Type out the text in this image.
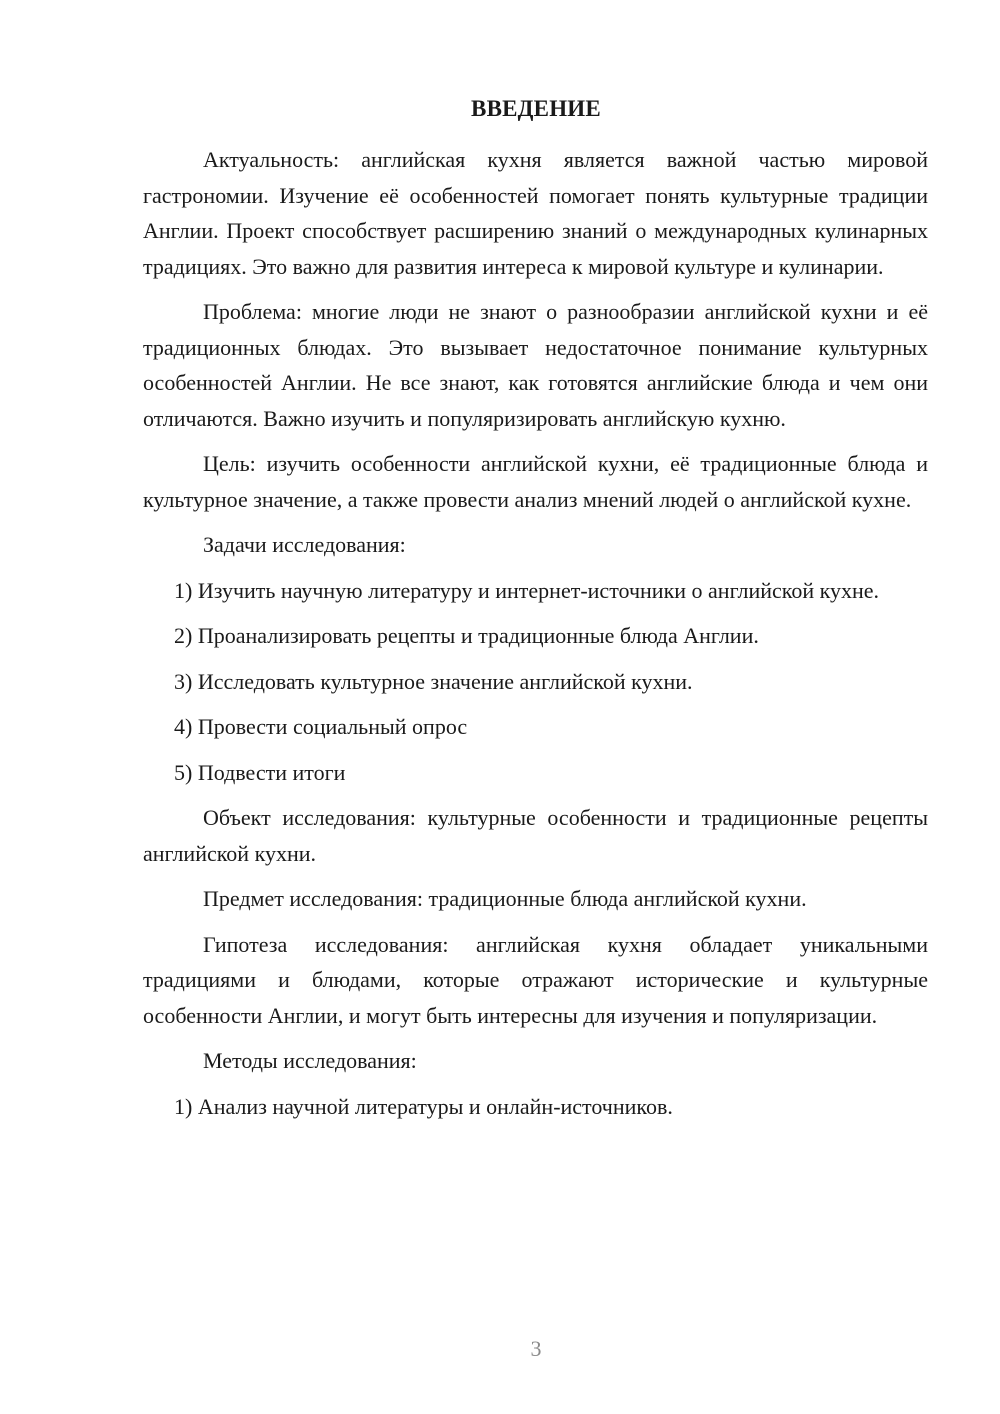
ВВЕДЕНИЕ

Актуальность: английская кухня является важной частью мировой гастрономии. Изучение её особенностей помогает понять культурные традиции Англии. Проект способствует расширению знаний о международных кулинарных традициях. Это важно для развития интереса к мировой культуре и кулинарии.

Проблема: многие люди не знают о разнообразии английской кухни и её традиционных блюдах. Это вызывает недостаточное понимание культурных особенностей Англии. Не все знают, как готовятся английские блюда и чем они отличаются. Важно изучить и популяризировать английскую кухню.

Цель: изучить особенности английской кухни, её традиционные блюда и культурное значение, а также провести анализ мнений людей о английской кухне.

Задачи исследования:

1) Изучить научную литературу и интернет-источники о английской кухне.

2) Проанализировать рецепты и традиционные блюда Англии.

3) Исследовать культурное значение английской кухни.

4) Провести социальный опрос

5) Подвести итоги

Объект исследования: культурные особенности и традиционные рецепты английской кухни.

Предмет исследования: традиционные блюда английской кухни.

Гипотеза исследования: английская кухня обладает уникальными традициями и блюдами, которые отражают исторические и культурные особенности Англии, и могут быть интересны для изучения и популяризации.

Методы исследования:

1) Анализ научной литературы и онлайн-источников.

3
